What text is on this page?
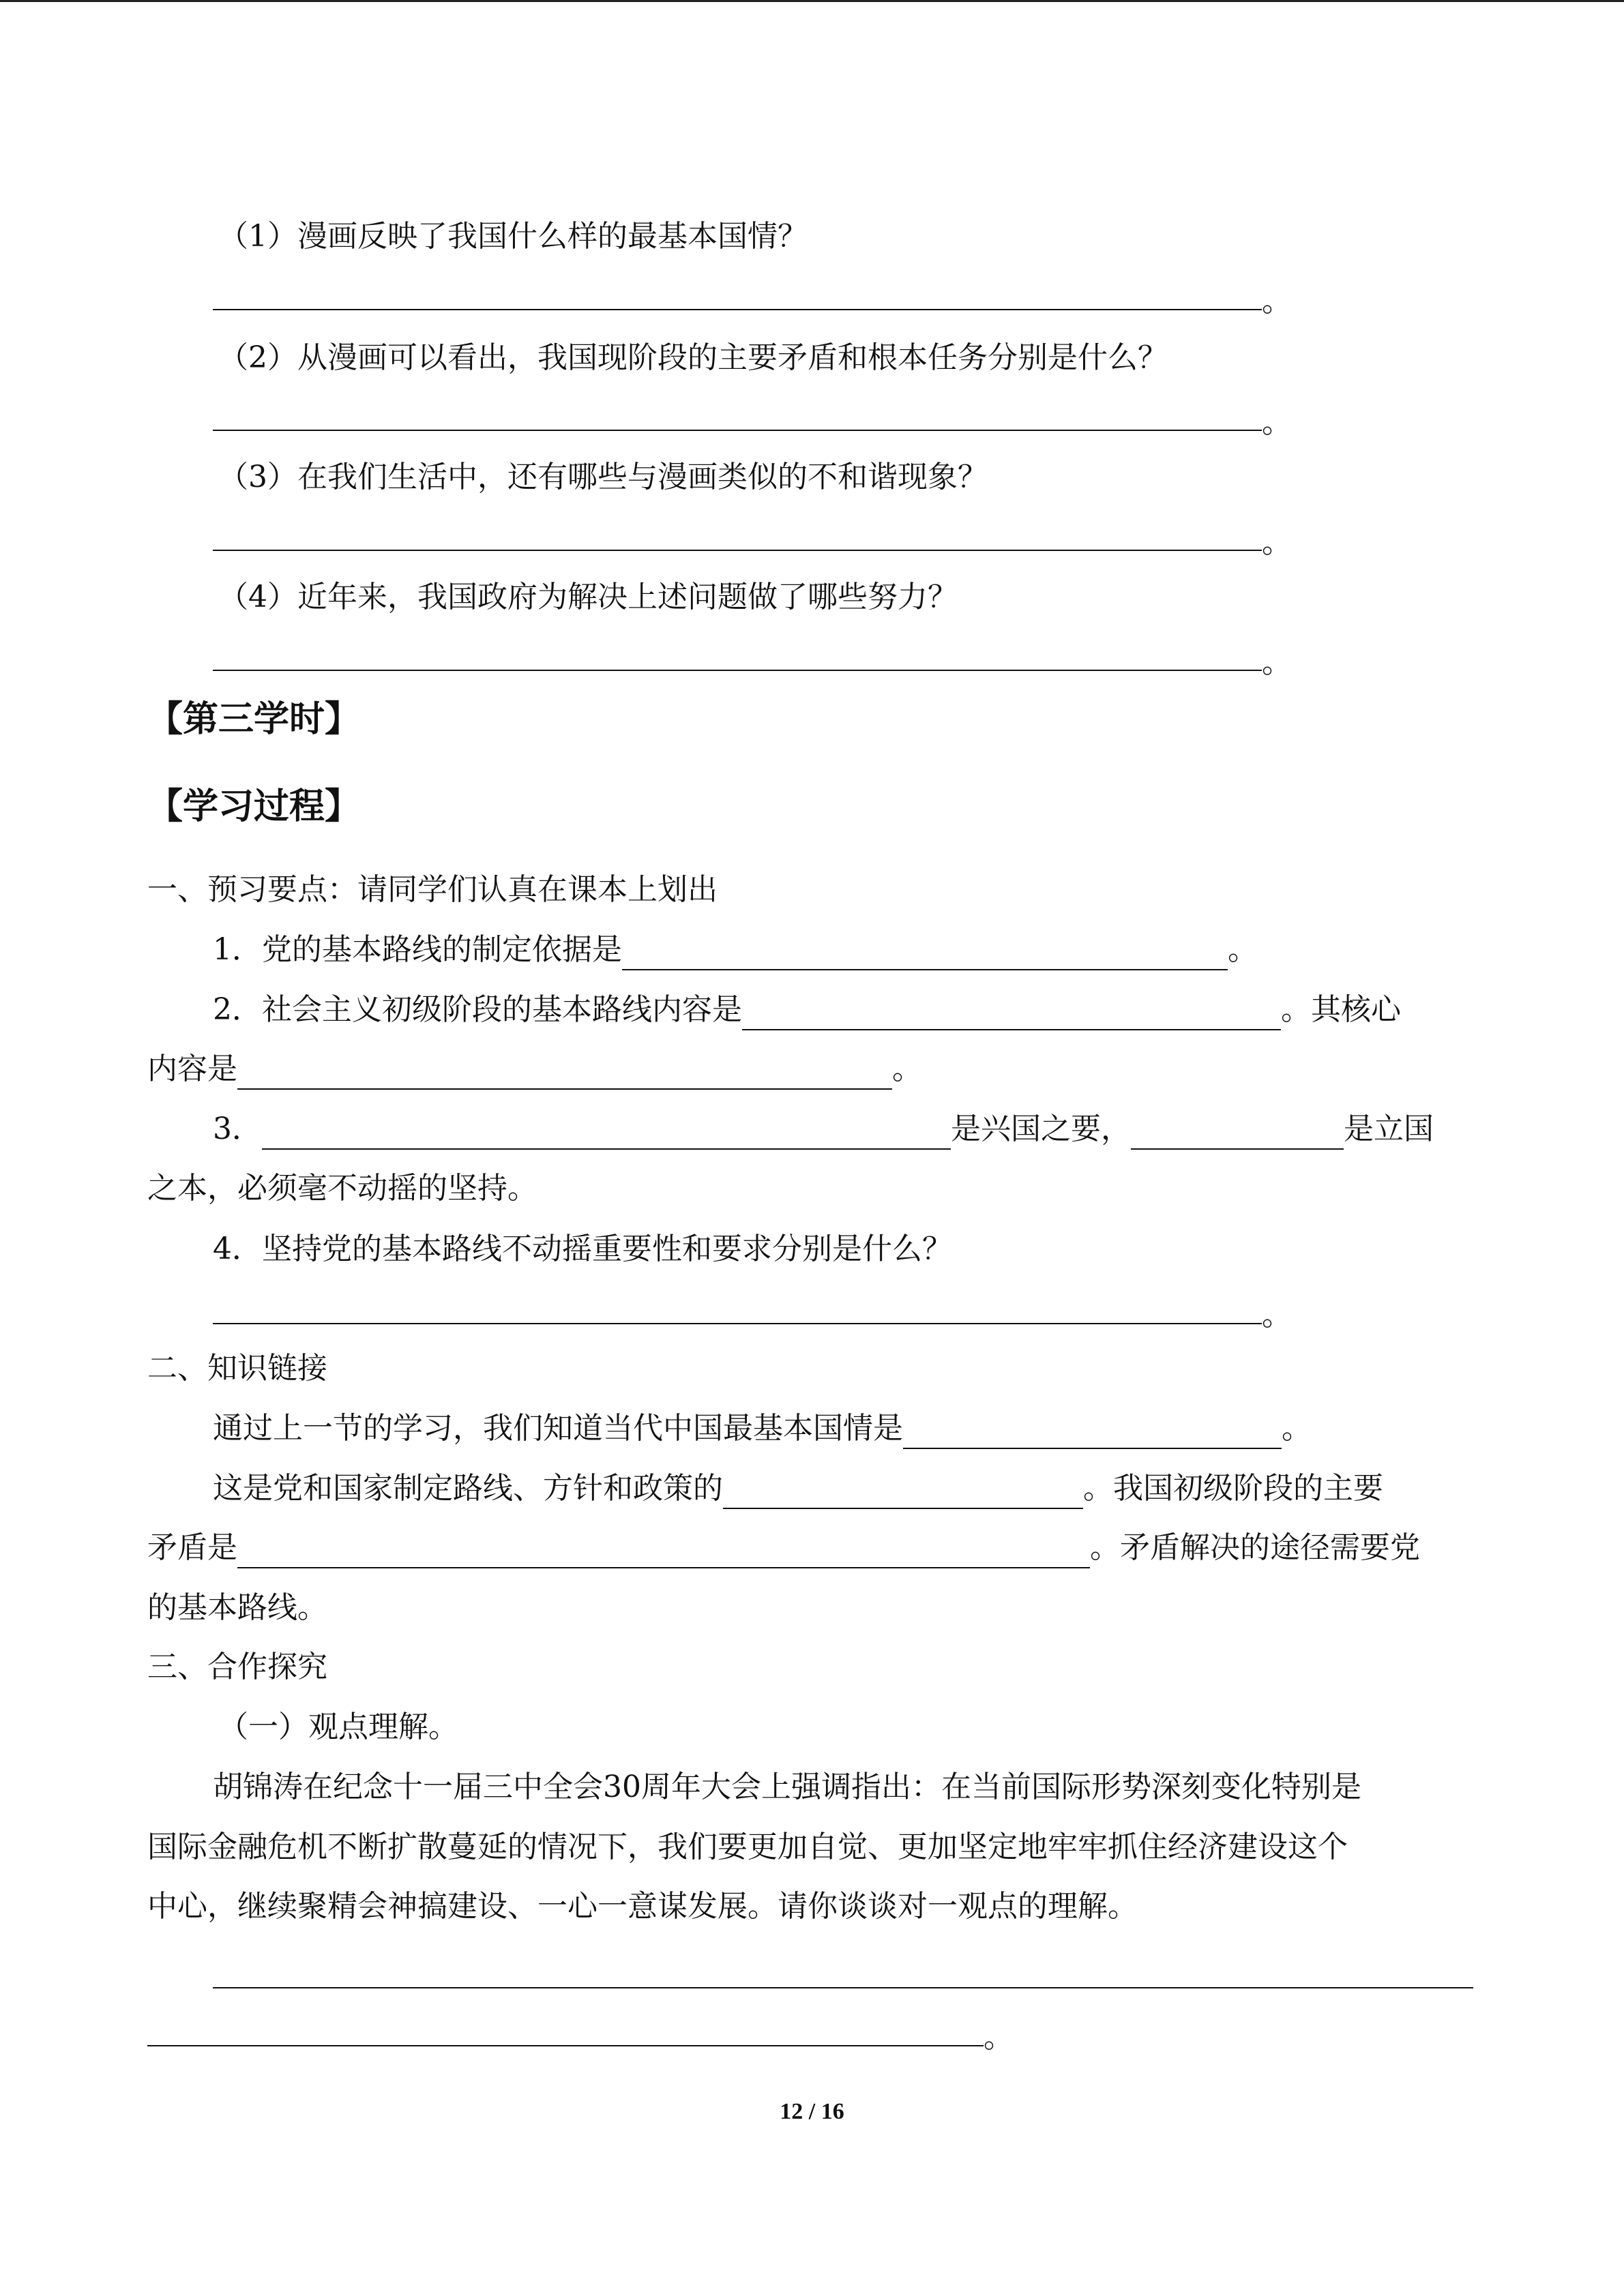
（1）漫画反映了我国什么样的最基本国情？
。
（2）从漫画可以看出，我国现阶段的主要矛盾和根本任务分别是什么？
。
（3）在我们生活中，还有哪些与漫画类似的不和谐现象？
。
（4）近年来，我国政府为解决上述问题做了哪些努力？
。
【第三学时】
【学习过程】
一、预习要点：请同学们认真在课本上划出
1．党的基本路线的制定依据是	。
2．社会主义初级阶段的基本路线内容是	。其核心
内容是	。
3．	是兴国之要，	是立国
之本，必须毫不动摇的坚持。
4．坚持党的基本路线不动摇重要性和要求分别是什么？
。
二、知识链接
通过上一节的学习，我们知道当代中国最基本国情是	。
这是党和国家制定路线、方针和政策的	。我国初级阶段的主要
矛盾是	。矛盾解决的途径需要党
的基本路线。
三、合作探究
（一）观点理解。
胡锦涛在纪念十一届三中全会30周年大会上强调指出：在当前国际形势深刻变化特别是
国际金融危机不断扩散蔓延的情况下，我们要更加自觉、更加坚定地牢牢抓住经济建设这个
中心，继续聚精会神搞建设、一心一意谋发展。请你谈谈对一观点的理解。
。
12 / 16
